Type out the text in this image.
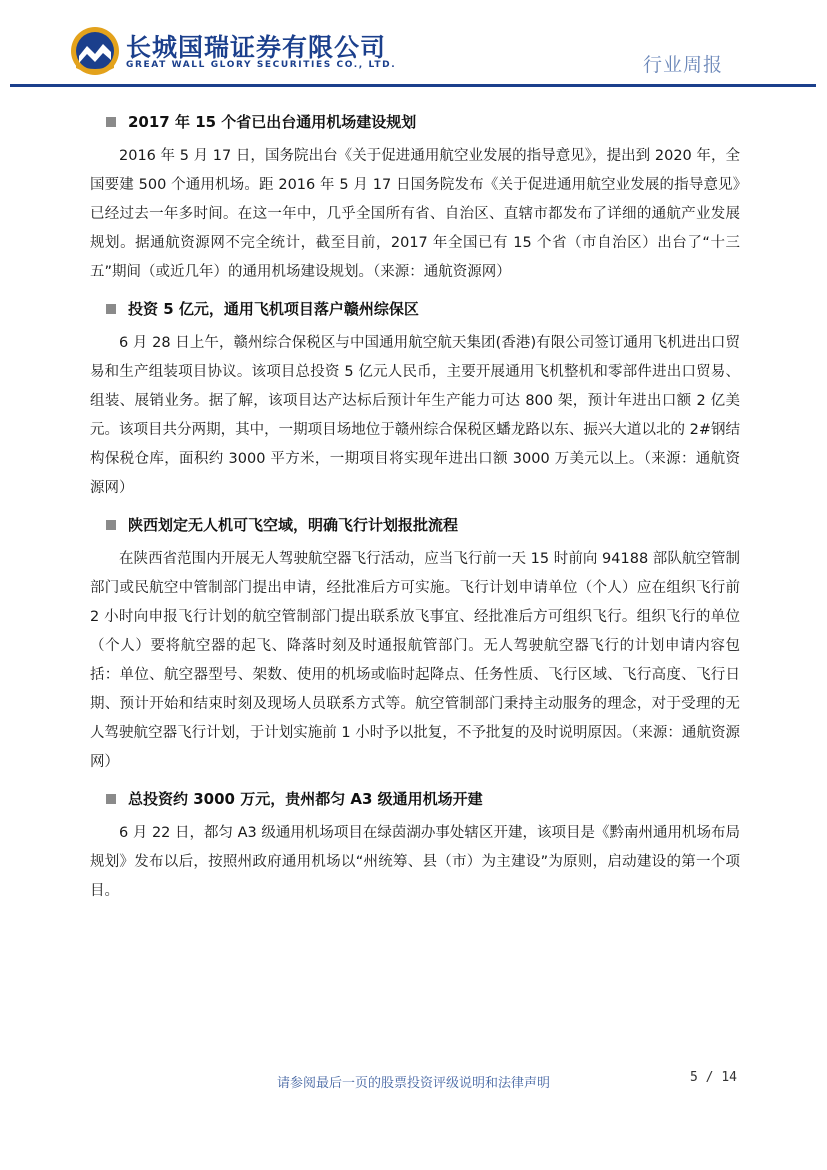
长城国瑞证券有限公司
GREAT WALL GLORY SECURITIES CO., LTD.	行业周报
2017 年 15 个省已出台通用机场建设规划

2016 年 5 月 17 日，国务院出台《关于促进通用航空业发展的指导意见》，提出到 2020 年，全国要建 500 个通用机场。距 2016 年 5 月 17 日国务院发布《关于促进通用航空业发展的指导意见》已经过去一年多时间。在这一年中，几乎全国所有省、自治区、直辖市都发布了详细的通航产业发展规划。据通航资源网不完全统计，截至目前，2017 年全国已有 15 个省（市自治区）出台了“十三五”期间（或近几年）的通用机场建设规划。（来源：通航资源网）

投资 5 亿元，通用飞机项目落户赣州综保区

6 月 28 日上午，赣州综合保税区与中国通用航空航天集团(香港)有限公司签订通用飞机进出口贸易和生产组装项目协议。该项目总投资 5 亿元人民币，主要开展通用飞机整机和零部件进出口贸易、组装、展销业务。据了解，该项目达产达标后预计年生产能力可达 800 架，预计年进出口额 2 亿美元。该项目共分两期，其中，一期项目场地位于赣州综合保税区蟠龙路以东、振兴大道以北的 2#钢结构保税仓库，面积约 3000 平方米，一期项目将实现年进出口额 3000 万美元以上。（来源：通航资源网）

陕西划定无人机可飞空域，明确飞行计划报批流程

在陕西省范围内开展无人驾驶航空器飞行活动，应当飞行前一天 15 时前向 94188 部队航空管制部门或民航空中管制部门提出申请，经批准后方可实施。飞行计划申请单位（个人）应在组织飞行前 2 小时向申报飞行计划的航空管制部门提出联系放飞事宜、经批准后方可组织飞行。组织飞行的单位（个人）要将航空器的起飞、降落时刻及时通报航管部门。无人驾驶航空器飞行的计划申请内容包括：单位、航空器型号、架数、使用的机场或临时起降点、任务性质、飞行区域、飞行高度、飞行日期、预计开始和结束时刻及现场人员联系方式等。航空管制部门秉持主动服务的理念，对于受理的无人驾驶航空器飞行计划，于计划实施前 1 小时予以批复，不予批复的及时说明原因。（来源：通航资源网）

总投资约 3000 万元，贵州都匀 A3 级通用机场开建

6 月 22 日，都匀 A3 级通用机场项目在绿茵湖办事处辖区开建，该项目是《黔南州通用机场布局规划》发布以后，按照州政府通用机场以“州统筹、县（市）为主建设”为原则，启动建设的第一个项目。

请参阅最后一页的股票投资评级说明和法律声明	5 / 14
